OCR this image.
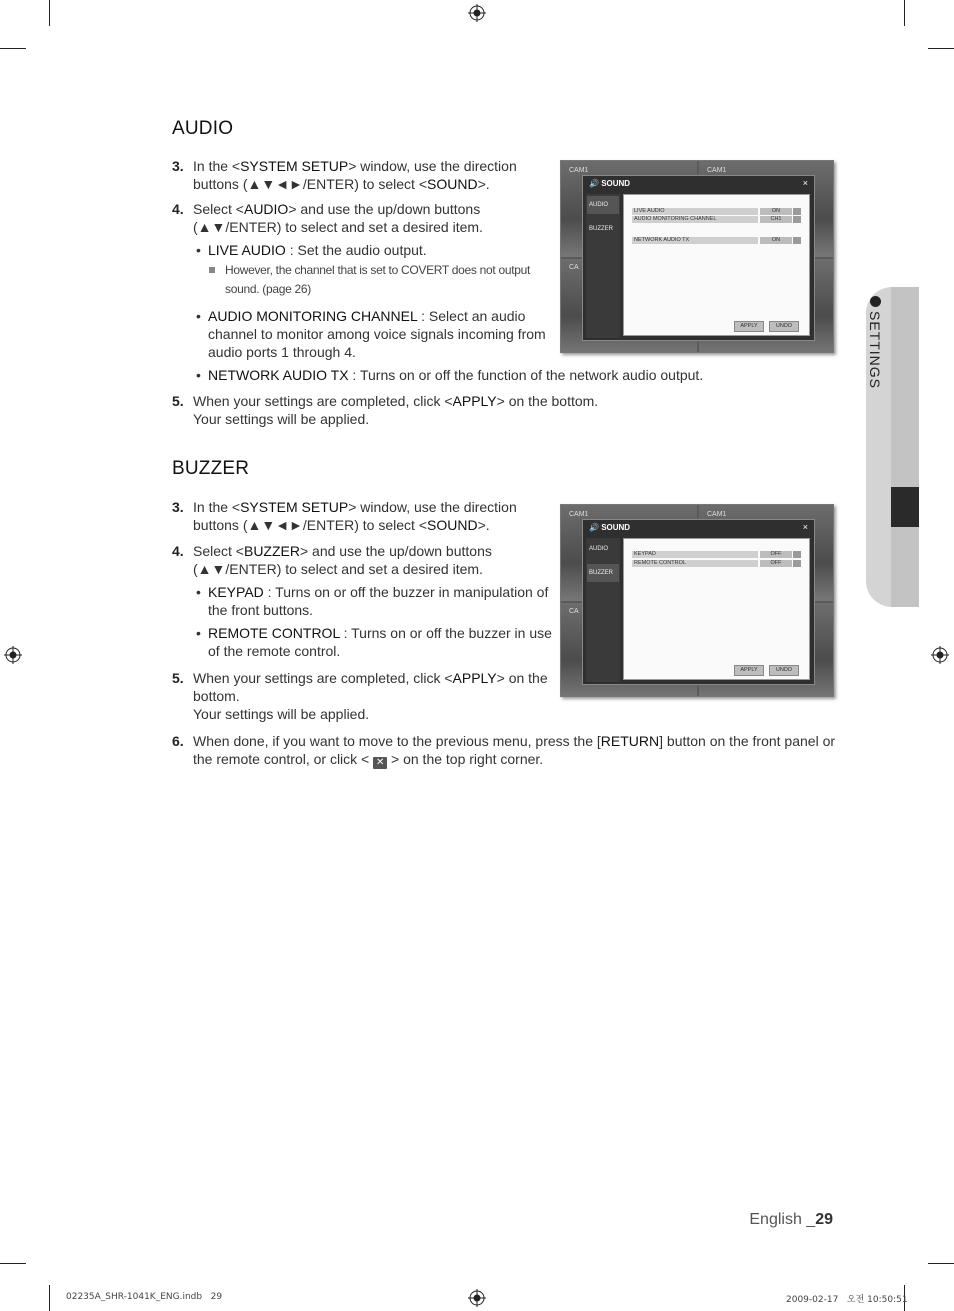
AUDIO
3. In the <SYSTEM SETUP> window, use the direction
buttons (▲▼◄►/ENTER) to select <SOUND>.
4. Select <AUDIO> and use the up/down buttons
(▲▼/ENTER) to select and set a desired item.
• LIVE AUDIO : Set the audio output.
However, the channel that is set to COVERT does not output
sound. (page 26)
• AUDIO MONITORING CHANNEL : Select an audio
channel to monitor among voice signals incoming from
audio ports 1 through 4.
• NETWORK AUDIO TX : Turns on or off the function of the network audio output.
5. When your settings are completed, click <APPLY> on the bottom.
Your settings will be applied.
CAM1	CAM1
CA
🔊 SOUND	×
AUDIO
BUZZER
LIVE AUDIO	ON
AUDIO MONITORING CHANNEL	CH1
NETWORK AUDIO TX	ON
APPLY	UNDO
BUZZER
3. In the <SYSTEM SETUP> window, use the direction
buttons (▲▼◄►/ENTER) to select <SOUND>.
4. Select <BUZZER> and use the up/down buttons
(▲▼/ENTER) to select and set a desired item.
• KEYPAD : Turns on or off the buzzer in manipulation of
the front buttons.
• REMOTE CONTROL : Turns on or off the buzzer in use
of the remote control.
5. When your settings are completed, click <APPLY> on the
bottom.
Your settings will be applied.
6. When done, if you want to move to the previous menu, press the [RETURN] button on the front panel or
the remote control, or click < ✕ > on the top right corner.
CAM1	CAM1
CA
🔊 SOUND	×
AUDIO
BUZZER
KEYPAD	OFF
REMOTE CONTROL	OFF
APPLY	UNDO
SETTINGS
English _29
02235A_SHR-1041K_ENG.indb   29	2009-02-17   오전 10:50:51
